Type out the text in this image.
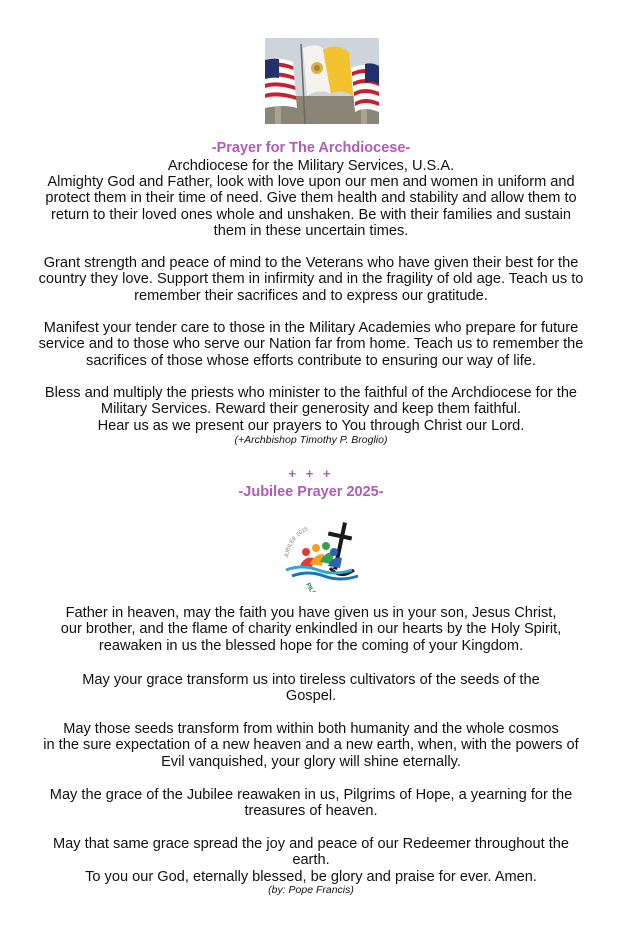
-Prayer for The Archdiocese-
Archdiocese for the Military Services, U.S.A.

Almighty God and Father, look with love upon our men and women in uniform and

protect them in their time of need. Give them health and stability and allow them to

return to their loved ones whole and unshaken. Be with their families and sustain

them in these uncertain times.

Grant strength and peace of mind to the Veterans who have given their best for the

country they love. Support them in infirmity and in the fragility of old age. Teach us to

remember their sacrifices and to express our gratitude.

Manifest your tender care to those in the Military Academies who prepare for future

service and to those who serve our Nation far from home. Teach us to remember the

sacrifices of those whose efforts contribute to ensuring our way of life.

Bless and multiply the priests who minister to the faithful of the Archdiocese for the

Military Services. Reward their generosity and keep them faithful.

Hear us as we present our prayers to You through Christ our Lord.

(+Archbishop Timothy P. Broglio)
+ + +
-Jubilee Prayer 2025-
JUBILEE 2025
PIL

Father in heaven, may the faith you have given us in your son, Jesus Christ,

our brother, and the flame of charity enkindled in our hearts by the Holy Spirit,

reawaken in us the blessed hope for the coming of your Kingdom.

May your grace transform us into tireless cultivators of the seeds of the

Gospel.

May those seeds transform from within both humanity and the whole cosmos

in the sure expectation of a new heaven and a new earth, when, with the powers of

Evil vanquished, your glory will shine eternally.

May the grace of the Jubilee reawaken in us, Pilgrims of Hope, a yearning for the

treasures of heaven.

May that same grace spread the joy and peace of our Redeemer throughout the

earth.

To you our God, eternally blessed, be glory and praise for ever. Amen.

(by: Pope Francis)
